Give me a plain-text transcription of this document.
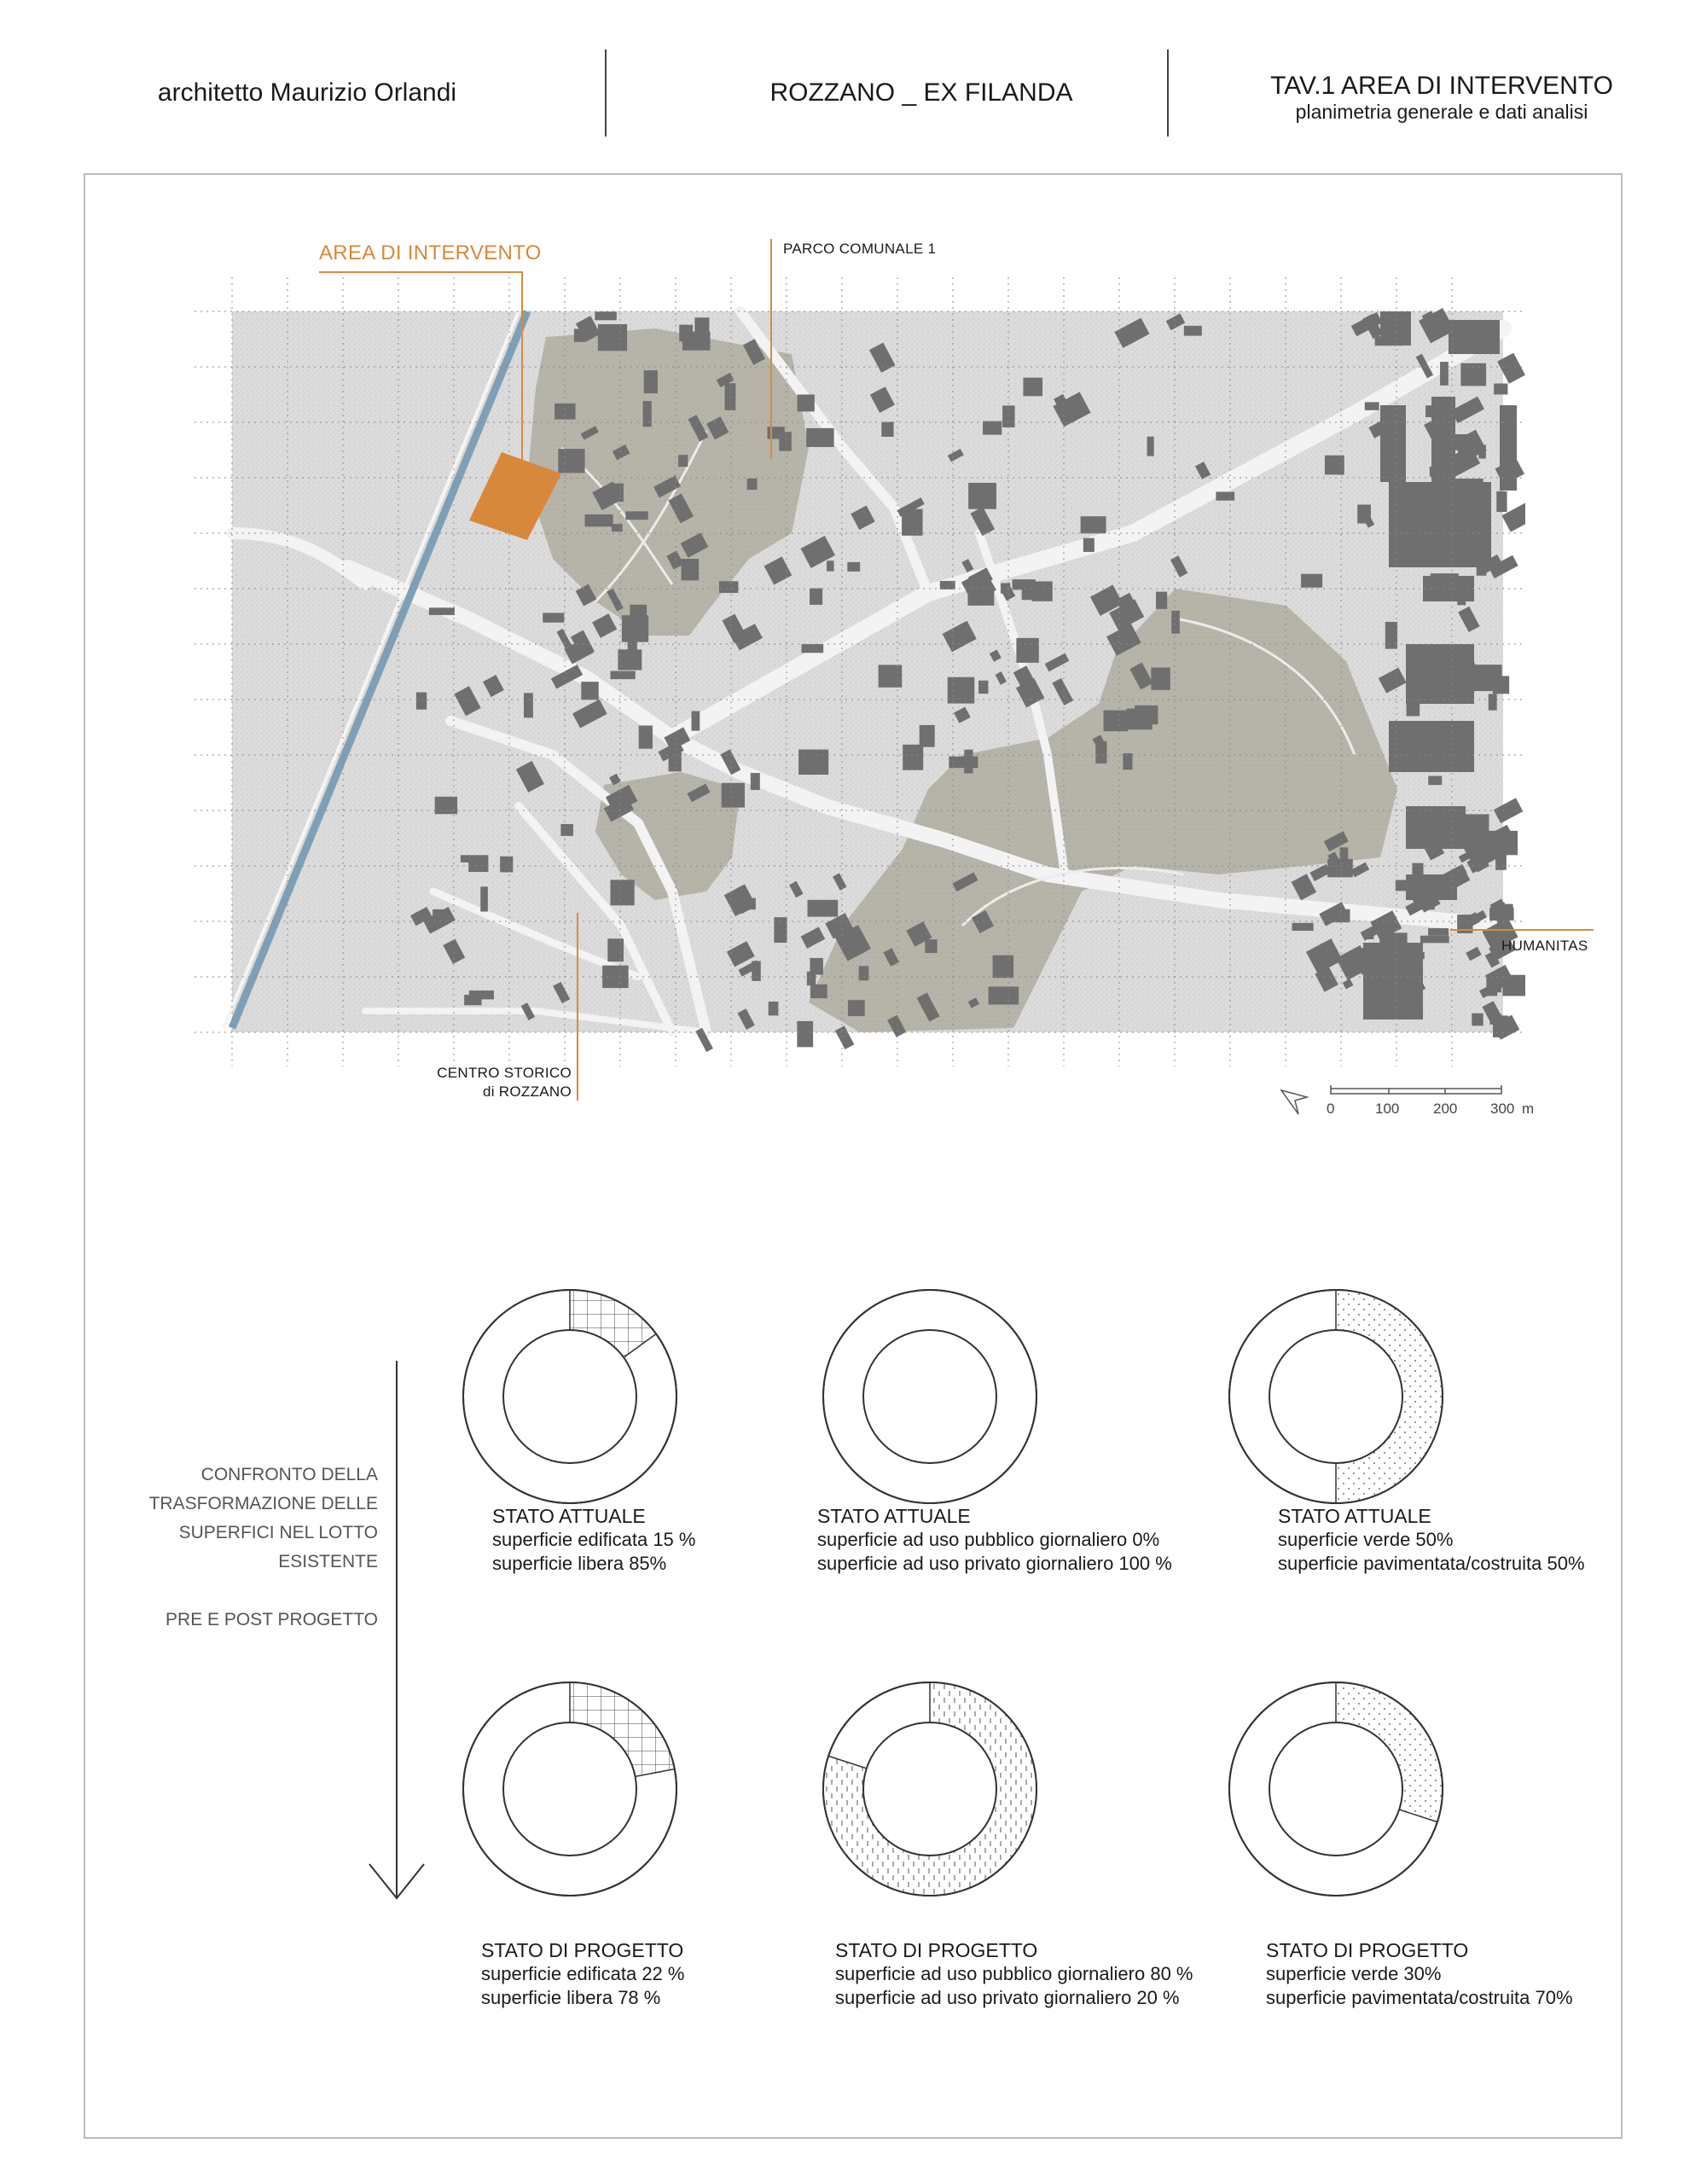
architetto Maurizio Orlandi	ROZZANO _ EX FILANDA	TAV.1 AREA DI INTERVENTO
planimetria generale e dati analisi
AREA DI INTERVENTO	PARCO COMUNALE 1
HUMANITAS
CENTRO STORICO
di ROZZANO
0	100 200 300 m
CONFRONTO DELLA
TRASFORMAZIONE DELLE
SUPERFICI NEL LOTTO
ESISTENTE
PRE E POST PROGETTO
STATO ATTUALE
superficie edificata 15 %
superficie libera 85%
STATO ATTUALE
superficie ad uso pubblico giornaliero 0%
superficie ad uso privato giornaliero 100 %
STATO ATTUALE
superficie verde 50%
superficie pavimentata/costruita 50%
STATO DI PROGETTO
superficie edificata 22 %
superficie libera 78 %
STATO DI PROGETTO
superficie ad uso pubblico giornaliero 80 %
superficie ad uso privato giornaliero 20 %
STATO DI PROGETTO
superficie verde 30%
superficie pavimentata/costruita 70%
